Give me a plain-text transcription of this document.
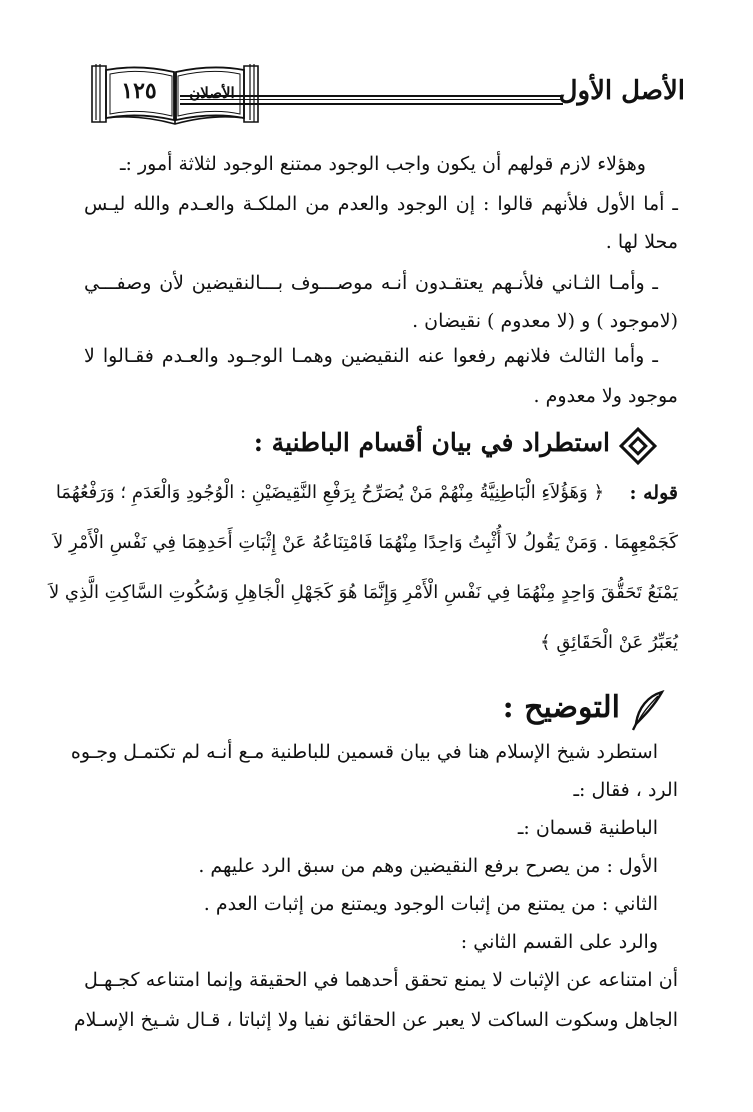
١٢٥	الأصلان	الأصل الأول
وهؤلاء لازم قولهم أن يكون واجب الوجود ممتنع الوجود لثلاثة أمور :ـ
ـ أما الأول فلأنهم قالوا : إن الوجود والعدم من الملكـة والعـدم والله ليـس
محلا لها .
ـ وأمـا الثـاني فلأنـهم يعتقـدون أنـه موصـــوف بـــالنقيضين لأن وصفـــي
(لاموجود ) و (لا معدوم ) نقيضان .
ـ وأما الثالث فلانهم رفعوا عنه النقيضين وهمـا الوجـود والعـدم فقـالوا لا
موجود ولا معدوم .
استطراد في بيان أقسام الباطنية :
قوله :
﴿ وَهَؤُلاَءِ الْبَاطِنِيَّةُ مِنْهُمْ مَنْ يُصَرِّحُ بِرَفْعِ النَّقِيضَيْنِ : الْوُجُودِ وَالْعَدَمِ ؛ وَرَفْعُهُمَا
كَجَمْعِهِمَا . وَمَنْ يَقُولُ لاَ أُثْبِتُ وَاحِدًا مِنْهُمَا فَامْتِنَاعُهُ عَنْ إِثْبَاتِ أَحَدِهِمَا فِي نَفْسِ الْأَمْرِ لاَ
يَمْنَعُ تَحَقُّقَ وَاحِدٍ مِنْهُمَا فِي نَفْسِ الْأَمْرِ وَإِنَّمَا هُوَ كَجَهْلِ الْجَاهِلِ وَسُكُوتِ السَّاكِتِ الَّذِي لاَ
يُعَبِّرُ عَنْ الْحَقَائِقِ ﴾
التوضيح :
استطرد شيخ الإسلام هنا في بيان قسمين للباطنية مـع أنـه لم تكتمـل وجـوه
الرد ، فقال :ـ
الباطنية قسمان :ـ
الأول : من يصرح برفع النقيضين وهم من سبق الرد عليهم .
الثاني : من يمتنع من إثبات الوجود ويمتنع من إثبات العدم .
والرد على القسم الثاني :
أن امتناعه عن الإثبات لا يمنع تحقق أحدهما في الحقيقة وإنما امتناعه كجـهـل
الجاهل وسكوت الساكت لا يعبر عن الحقائق نفيا ولا إثباتا ، قـال شـيخ الإسـلام
